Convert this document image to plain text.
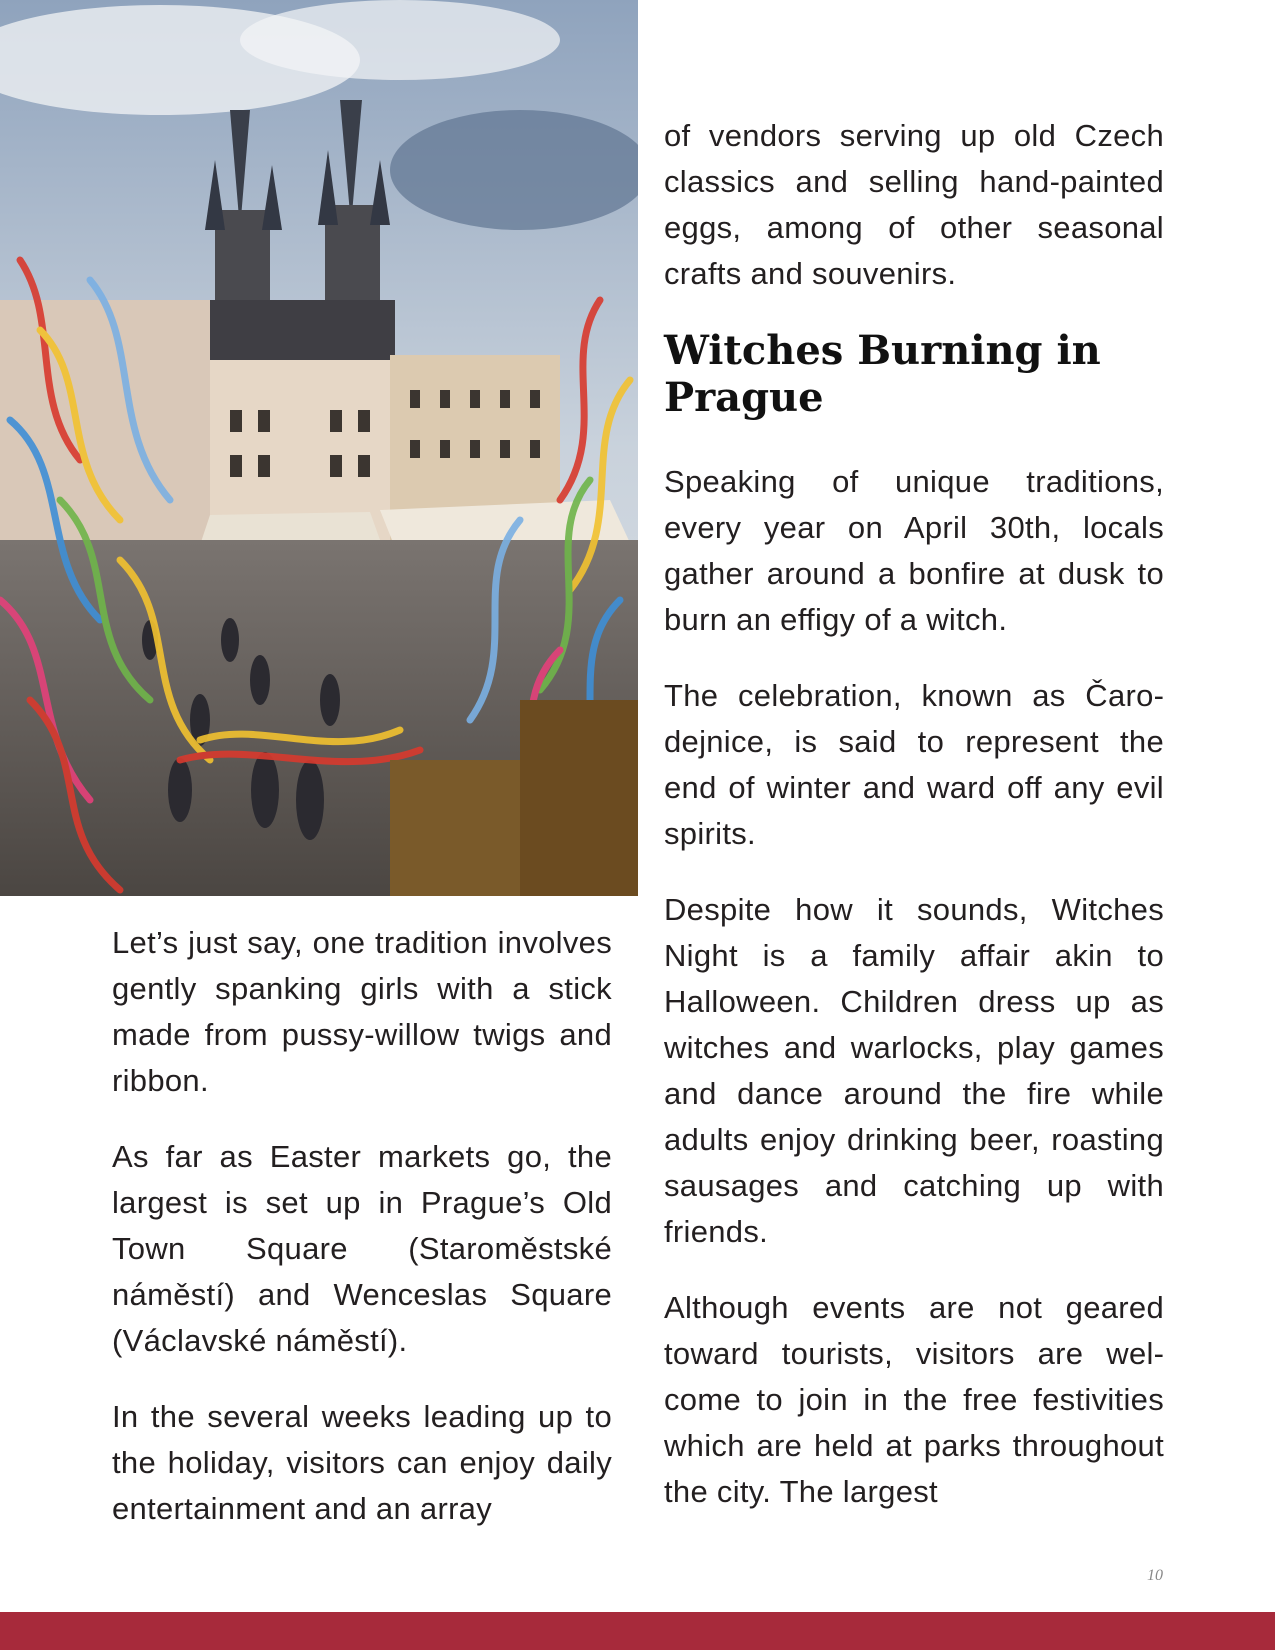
Let’s just say, one tradition involves gently spanking girls with a stick made from pussy-willow twigs and ribbon.

As far as Easter markets go, the largest is set up in Prague’s Old Town Square (Staroměstské náměstí) and Wenceslas Square (Václavské náměstí).

In the several weeks leading up to the holiday, visitors can enjoy daily entertainment and an array

of vendors serving up old Czech classics and selling hand-painted eggs, among of other seasonal crafts and souvenirs.

Witches Burning in Prague

Speaking of unique traditions, every year on April 30th, locals gather around a bonfire at dusk to burn an effigy of a witch.

The celebration, known as Čarodejnice, is said to represent the end of winter and ward off any evil spirits.

Despite how it sounds, Witches Night is a family affair akin to Halloween. Children dress up as witches and warlocks, play games and dance around the fire while adults enjoy drinking beer, roasting sausages and catching up with friends.

Although events are not geared toward tourists, visitors are welcome to join in the free festivities which are held at parks throughout the city. The largest

10
